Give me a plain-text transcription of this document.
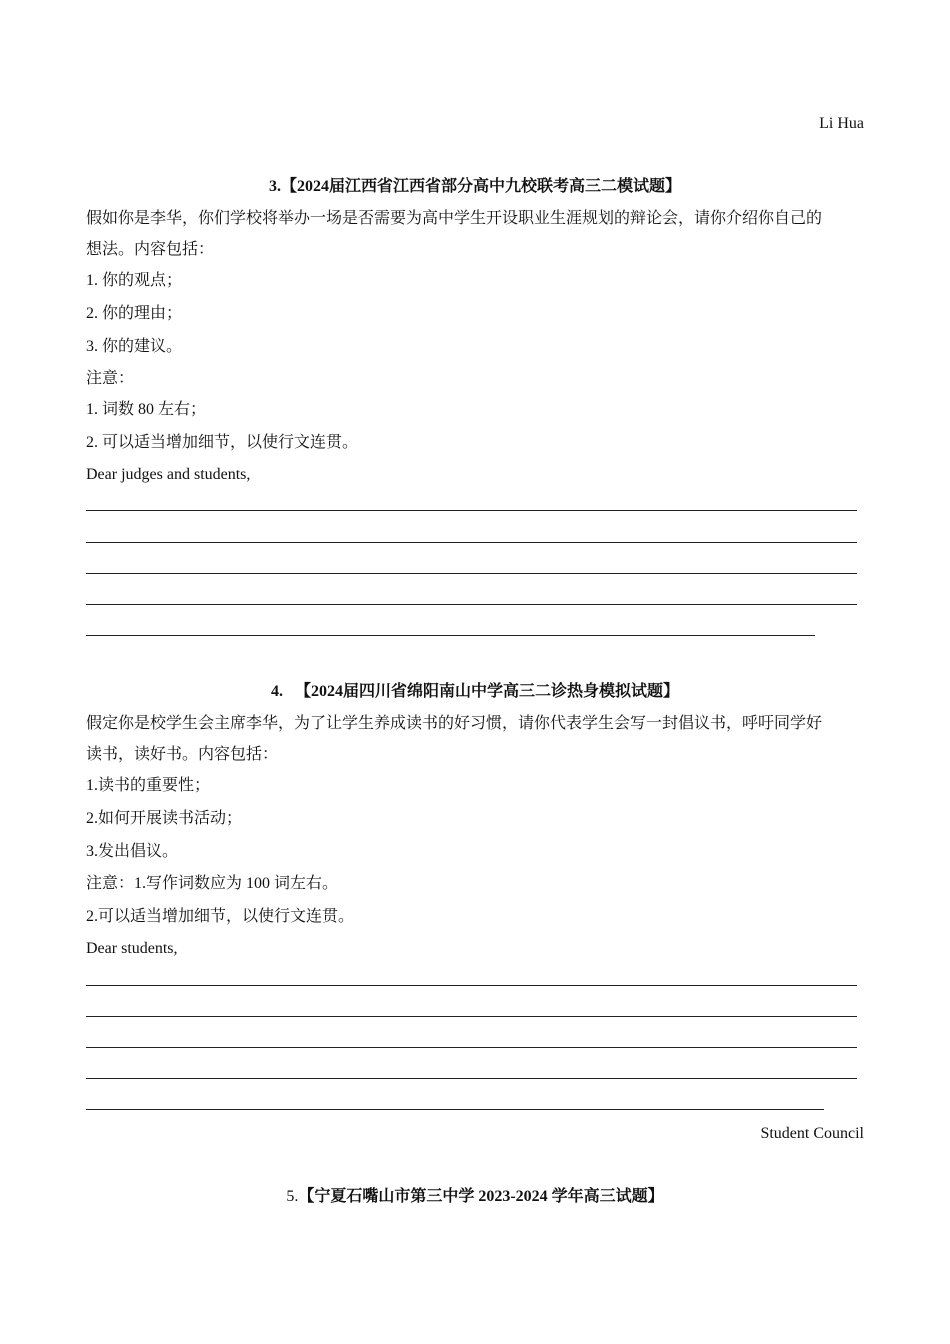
Li Hua
3.【2024届江西省江西省部分高中九校联考高三二模试题】
假如你是李华，你们学校将举办一场是否需要为高中学生开设职业生涯规划的辩论会，请你介绍你自己的
想法。内容包括：
1. 你的观点；
2. 你的理由；
3. 你的建议。
注意：
1. 词数 80 左右；
2. 可以适当增加细节，以使行文连贯。
Dear judges and students,
4. 【2024届四川省绵阳南山中学高三二诊热身模拟试题】
假定你是校学生会主席李华，为了让学生养成读书的好习惯，请你代表学生会写一封倡议书，呼吁同学好
读书，读好书。内容包括：
1.读书的重要性；
2.如何开展读书活动；
3.发出倡议。
注意：1.写作词数应为 100 词左右。
2.可以适当增加细节，以使行文连贯。
Dear students,
Student Council
5.【宁夏石嘴山市第三中学 2023-2024 学年高三试题】
